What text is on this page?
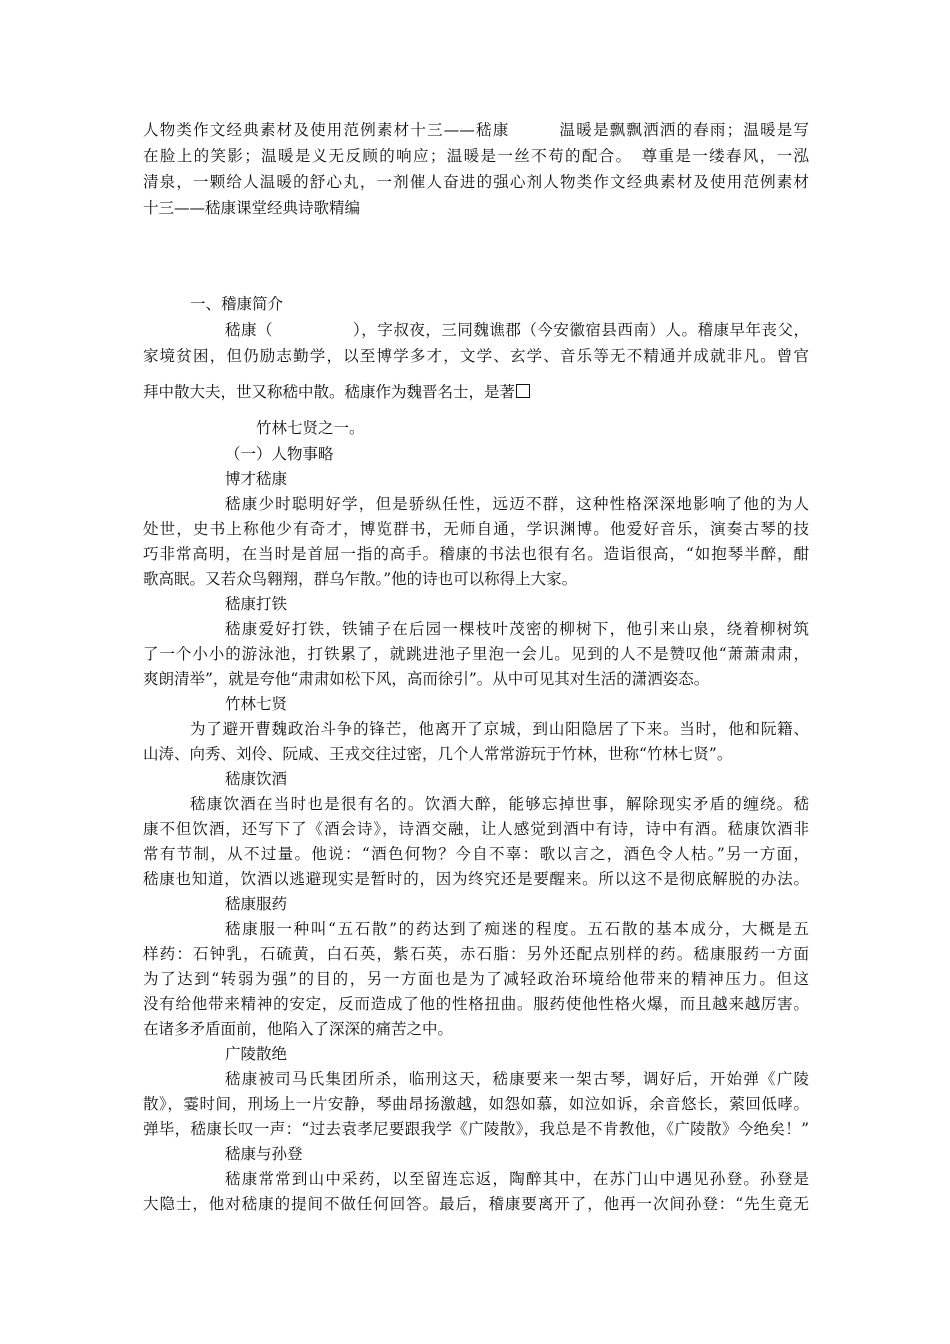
人物类作文经典素材及使用范例素材十三——嵇康　　　温暖是飘飘洒洒的春雨；温暖是写
在脸上的笑影；温暖是义无反顾的响应；温暖是一丝不苟的配合。　尊重是一缕春风，一泓
清泉，一颗给人温暖的舒心丸，一剂催人奋进的强心剂人物类作文经典素材及使用范例素材
十三——嵇康课堂经典诗歌精编
一、稽康简介
嵇康（　　　　　），字叔夜，三同魏谯郡（今安徽宿县西南）人。稽康早年丧父，
家境贫困，但仍励志勤学，以至博学多才，文学、玄学、音乐等无不精通并成就非凡。曾官
拜中散大夫，世又称嵇中散。嵇康作为魏晋名士，是著
竹林七贤之一。
（一）人物事略
博才嵇康
嵇康少时聪明好学，但是骄纵任性，远迈不群，这种性格深深地影响了他的为人
处世，史书上称他少有奇才，博览群书，无师自通，学识渊博。他爱好音乐，演奏古琴的技
巧非常高明，在当时是首屈一指的高手。稽康的书法也很有名。造诣很高，“如抱琴半醉，酣
歌高眠。又若众鸟翱翔，群乌乍散。”他的诗也可以称得上大家。
嵇康打铁
嵇康爱好打铁，铁铺子在后园一棵枝叶茂密的柳树下，他引来山泉，绕着柳树筑
了一个小小的游泳池，打铁累了，就跳进池子里泡一会儿。见到的人不是赞叹他“萧萧肃肃，
爽朗清举”，就是夸他“肃肃如松下风，高而徐引”。从中可见其对生活的潇洒姿态。
竹林七贤
为了避开曹魏政治斗争的锋芒，他离开了京城，到山阳隐居了下来。当时，他和阮籍、
山涛、向秀、刘伶、阮咸、王戎交往过密，几个人常常游玩于竹林，世称“竹林七贤”。
嵇康饮酒
嵇康饮酒在当时也是很有名的。饮酒大醉，能够忘掉世事，解除现实矛盾的缠绕。嵇
康不但饮酒，还写下了《酒会诗》，诗酒交融，让人感觉到酒中有诗，诗中有酒。嵇康饮酒非
常有节制，从不过量。他说：“酒色何物？今自不辜：歌以言之，酒色令人枯。”另一方面，
嵇康也知道，饮酒以逃避现实是暂时的，因为终究还是要醒来。所以这不是彻底解脱的办法。
嵇康服药
嵇康服一种叫“五石散”的药达到了痴迷的程度。五石散的基本成分，大概是五
样药：石钟乳，石硫黄，白石英，紫石英，赤石脂：另外还配点别样的药。嵇康服药一方面
为了达到“转弱为强”的目的，另一方面也是为了减轻政治环境给他带来的精神压力。但这
没有给他带来精神的安定，反而造成了他的性格扭曲。服药使他性格火爆，而且越来越厉害。
在诸多矛盾面前，他陷入了深深的痛苦之中。
广陵散绝
嵇康被司马氏集团所杀，临刑这天，嵇康要来一架古琴，调好后，开始弹《广陵
散》，霎时间，刑场上一片安静，琴曲昂扬激越，如怨如慕，如泣如诉，余音悠长，萦回低哮。
弹毕，嵇康长叹一声：“过去袁孝尼要跟我学《广陵散》，我总是不肯教他，《广陵散》今绝矣！”
嵇康与孙登
嵇康常常到山中采药，以至留连忘返，陶醉其中，在苏门山中遇见孙登。孙登是
大隐士，他对嵇康的提间不做任何回答。最后，稽康要离开了，他再一次间孙登：“先生竟无
